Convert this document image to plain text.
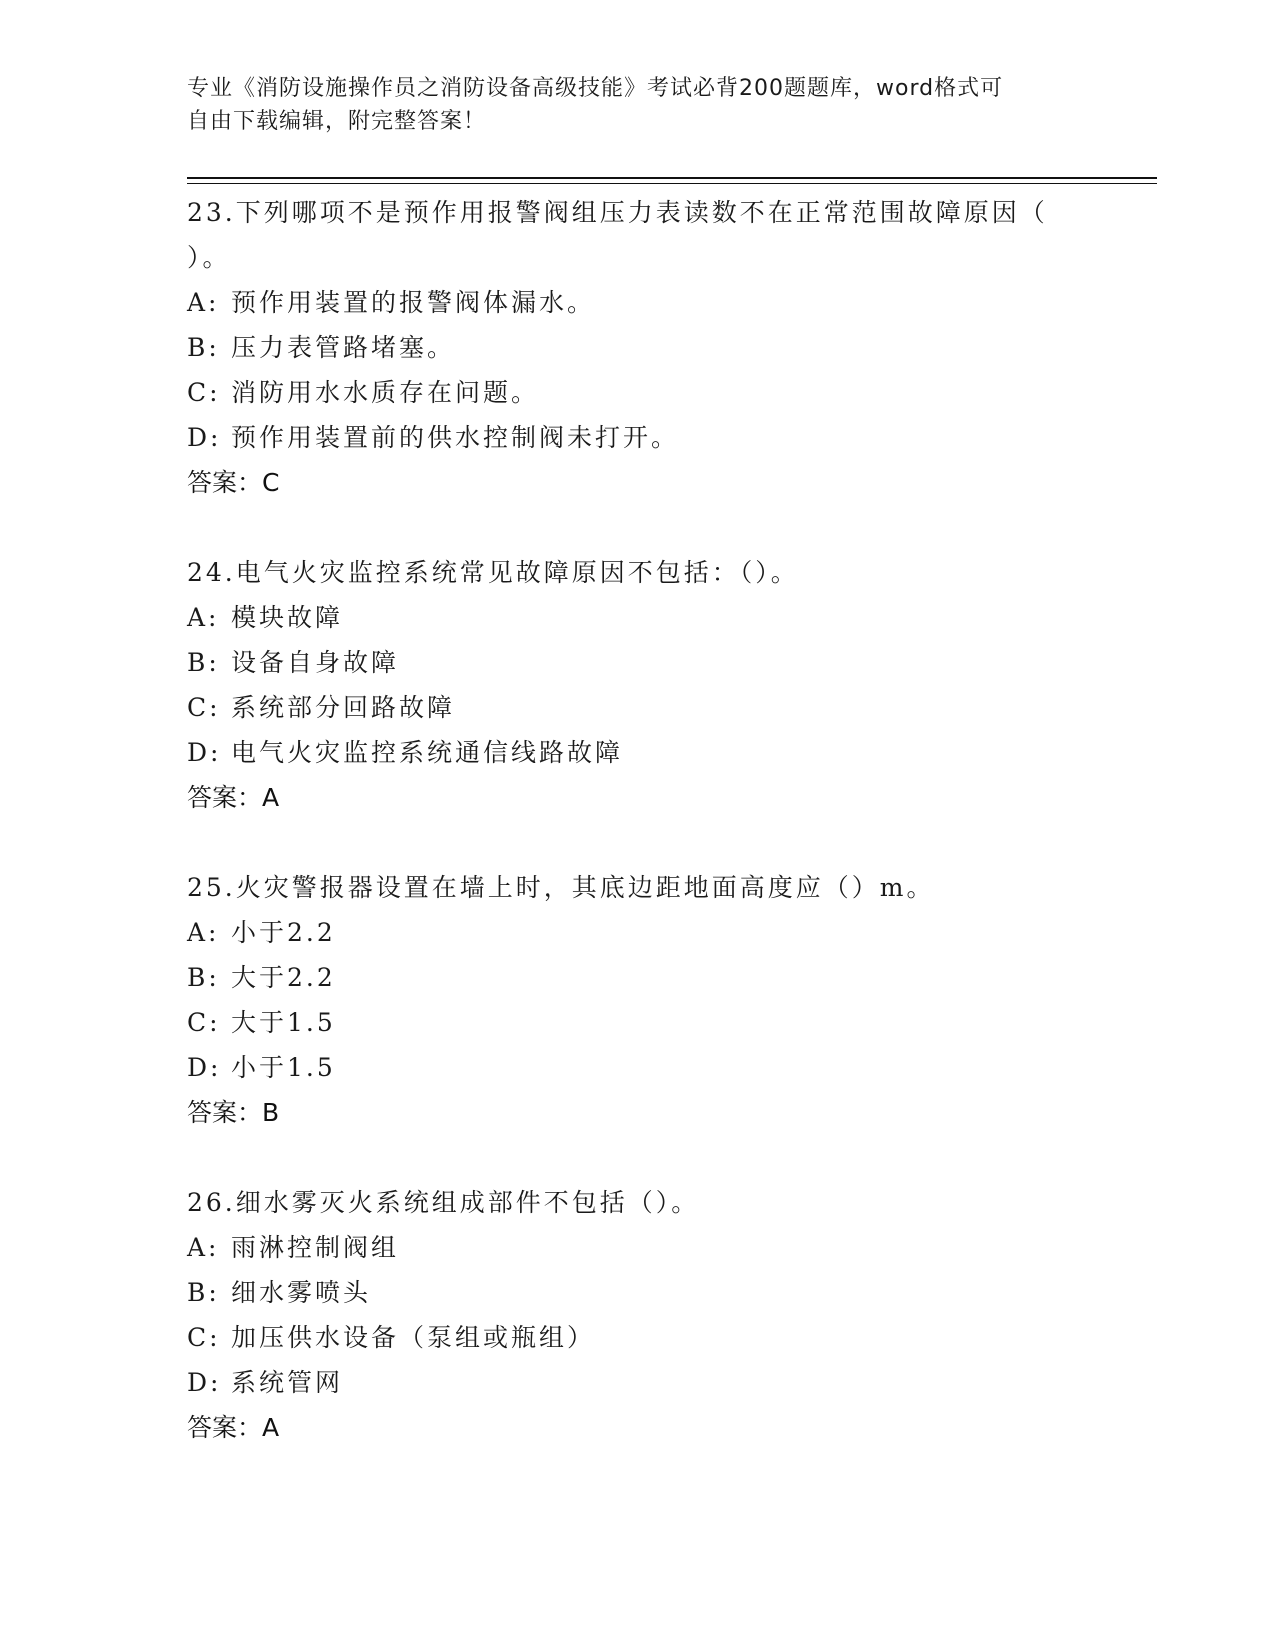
专业《消防设施操作员之消防设备高级技能》考试必背200题题库，word格式可
自由下载编辑，附完整答案！

23.下列哪项不是预作用报警阀组压力表读数不在正常范围故障原因（
）。

A: 预作用装置的报警阀体漏水。

B: 压力表管路堵塞。

C: 消防用水水质存在问题。

D: 预作用装置前的供水控制阀未打开。

答案：C

24.电气火灾监控系统常见故障原因不包括：（）。

A: 模块故障

B: 设备自身故障

C: 系统部分回路故障

D: 电气火灾监控系统通信线路故障

答案：A

25.火灾警报器设置在墙上时，其底边距地面高度应（）m。

A: 小于2.2

B: 大于2.2

C: 大于1.5

D: 小于1.5

答案：B

26.细水雾灭火系统组成部件不包括（）。

A: 雨淋控制阀组

B: 细水雾喷头

C: 加压供水设备（泵组或瓶组）

D: 系统管网

答案：A
